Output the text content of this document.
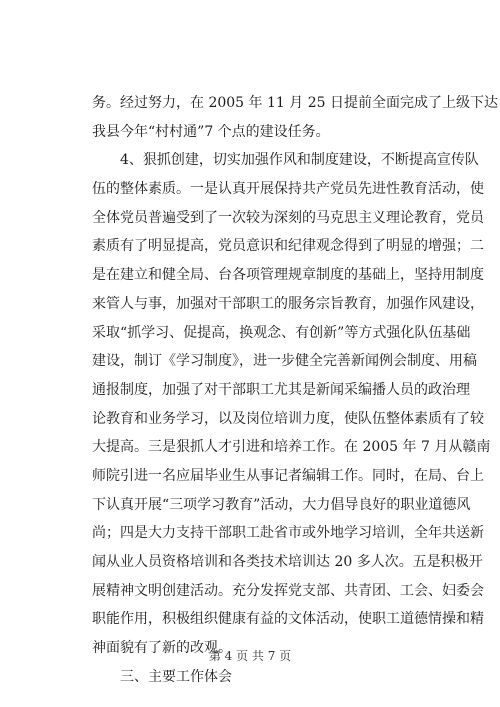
务。经过努力，在 2005 年 11 月 25 日提前全面完成了上级下达
我县今年“村村通”7 个点的建设任务。
4、狠抓创建，切实加强作风和制度建设，不断提高宣传队
伍的整体素质。一是认真开展保持共产党员先进性教育活动，使
全体党员普遍受到了一次较为深刻的马克思主义理论教育，党员
素质有了明显提高，党员意识和纪律观念得到了明显的增强；二
是在建立和健全局、台各项管理规章制度的基础上，坚持用制度
来管人与事，加强对干部职工的服务宗旨教育，加强作风建设，
采取“抓学习、促提高，换观念、有创新”等方式强化队伍基础
建设，制订《学习制度》，进一步健全完善新闻例会制度、用稿
通报制度，加强了对干部职工尤其是新闻采编播人员的政治理
论教育和业务学习，以及岗位培训力度，使队伍整体素质有了较
大提高。三是狠抓人才引进和培养工作。在 2005 年 7 月从赣南
师院引进一名应届毕业生从事记者编辑工作。同时，在局、台上
下认真开展“三项学习教育”活动，大力倡导良好的职业道德风
尚；四是大力支持干部职工赴省市或外地学习培训，全年共送新
闻从业人员资格培训和各类技术培训达 20 多人次。五是积极开
展精神文明创建活动。充分发挥党支部、共青团、工会、妇委会
职能作用，积极组织健康有益的文体活动，使职工道德情操和精
神面貌有了新的改观。
三、主要工作体会
第 4 页 共 7 页
